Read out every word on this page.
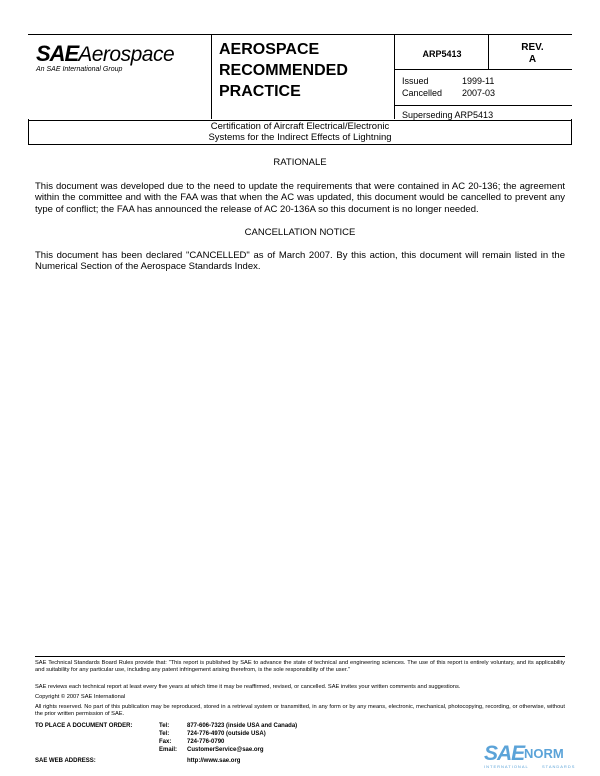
SAEAerospace
An SAE International Group
AEROSPACE
RECOMMENDED
PRACTICE
ARP5413
REV.
A
Issued	1999-11
Cancelled	2007-03
Superseding ARP5413
Certification of Aircraft Electrical/Electronic
Systems for the Indirect Effects of Lightning
RATIONALE
This document was developed due to the need to update the requirements that were contained in AC 20-136; the agreement within the committee and with the FAA was that when the AC was updated, this document would be cancelled to prevent any type of conflict; the FAA has announced the release of AC 20-136A so this document is no longer needed.
CANCELLATION NOTICE
This document has been declared "CANCELLED" as of March 2007. By this action, this document will remain listed in the Numerical Section of the Aerospace Standards Index.
SAE Technical Standards Board Rules provide that: “This report is published by SAE to advance the state of technical and engineering sciences. The use of this report is entirely voluntary, and its applicability and suitability for any particular use, including any patent infringement arising therefrom, is the sole responsibility of the user.”
SAE reviews each technical report at least every five years at which time it may be reaffirmed, revised, or cancelled. SAE invites your written comments and suggestions.
Copyright © 2007 SAE International
All rights reserved. No part of this publication may be reproduced, stored in a retrieval system or transmitted, in any form or by any means, electronic, mechanical, photocopying, recording, or otherwise, without the prior written permission of SAE.
TO PLACE A DOCUMENT ORDER:	Tel:	877-606-7323 (inside USA and Canada)
Tel:	724-776-4970 (outside USA)
Fax:	724-776-0790
Email:	CustomerService@sae.org
SAE WEB ADDRESS:	http://www.sae.org	SAE NORM
INTERNATIONAL	STANDARDS
